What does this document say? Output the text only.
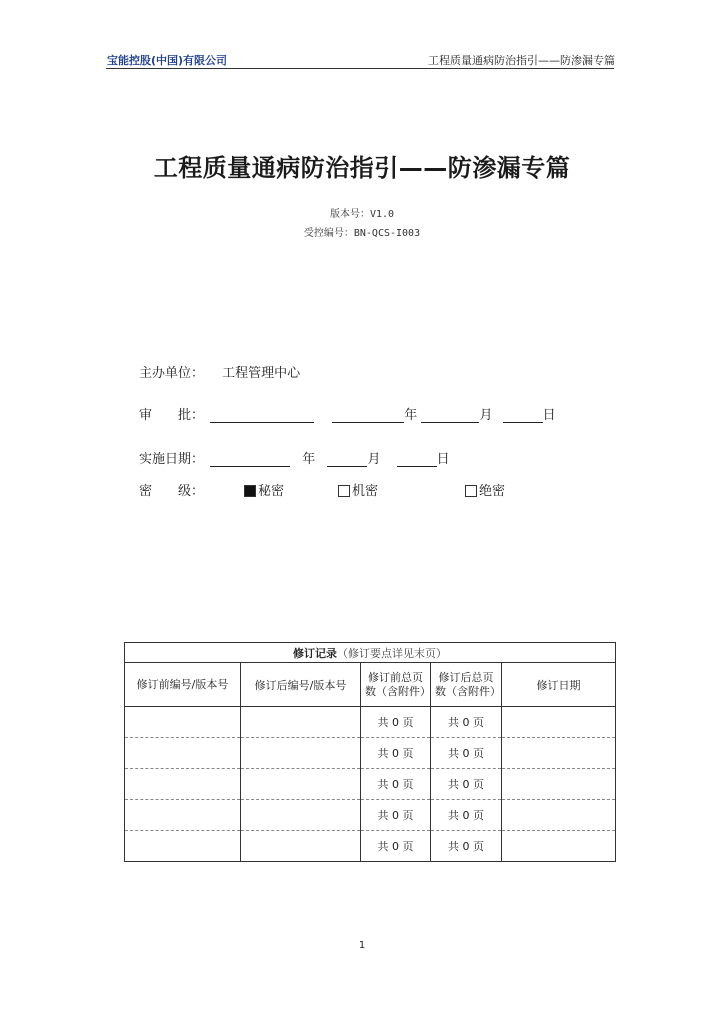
宝能控股(中国)有限公司	工程质量通病防治指引——防渗漏专篇
工程质量通病防治指引——防渗漏专篇
版本号：V1.0
受控编号：BN-QCS-I003
主办单位： 工程管理中心
审　　批：	年	月	日
实施日期：	年	月	日
密　　级：	秘密	机密	绝密
修订记录（修订要点详见末页）				

修订前编号/版本号	修订后编号/版本号	修订前总页数（含附件）	修订后总页数（含附件）	修订日期
		共 0 页	共 0 页	
		共 0 页	共 0 页	
		共 0 页	共 0 页	
		共 0 页	共 0 页	
		共 0 页	共 0 页	
1
